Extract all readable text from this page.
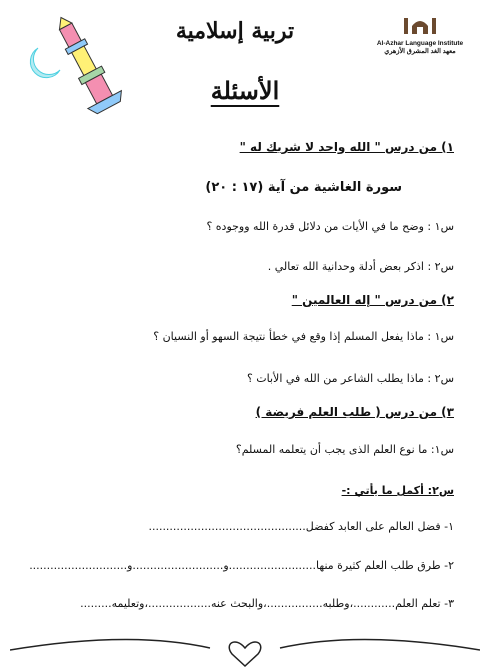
تربية إسلامية	Al-Azhar Language Institute
معهد الغد المشرق الأزهري
الأسئلة
١) من درس " الله واحد لا شريك له "
سورة الغاشية من آية (١٧ : ٢٠)
س١ : وضح ما في الأيات من دلائل قدرة الله ووجوده ؟
س٢ : اذكر بعض أدلة وحدانية الله تعالي .
٢) من درس " إله العالمين "
س١ : ماذا يفعل المسلم إذا وقع في خطأ نتيجة السهو أو النسيان ؟
س٢ : ماذا يطلب الشاعر من الله في الأبات ؟
٣) من درس ( طلب العلم فريضة )
س١: ما نوع العلم الذى يجب أن يتعلمه المسلم؟
س٢: أكمل ما يأتي :-
١- فضل العالم على العابد كفضل.............................................
٢- طرق طلب العلم كثيرة منها.........................و..........................و............................
٣- تعلم العلم............،وطلبه................،والبحث عنه..................،وتعليمه.........
